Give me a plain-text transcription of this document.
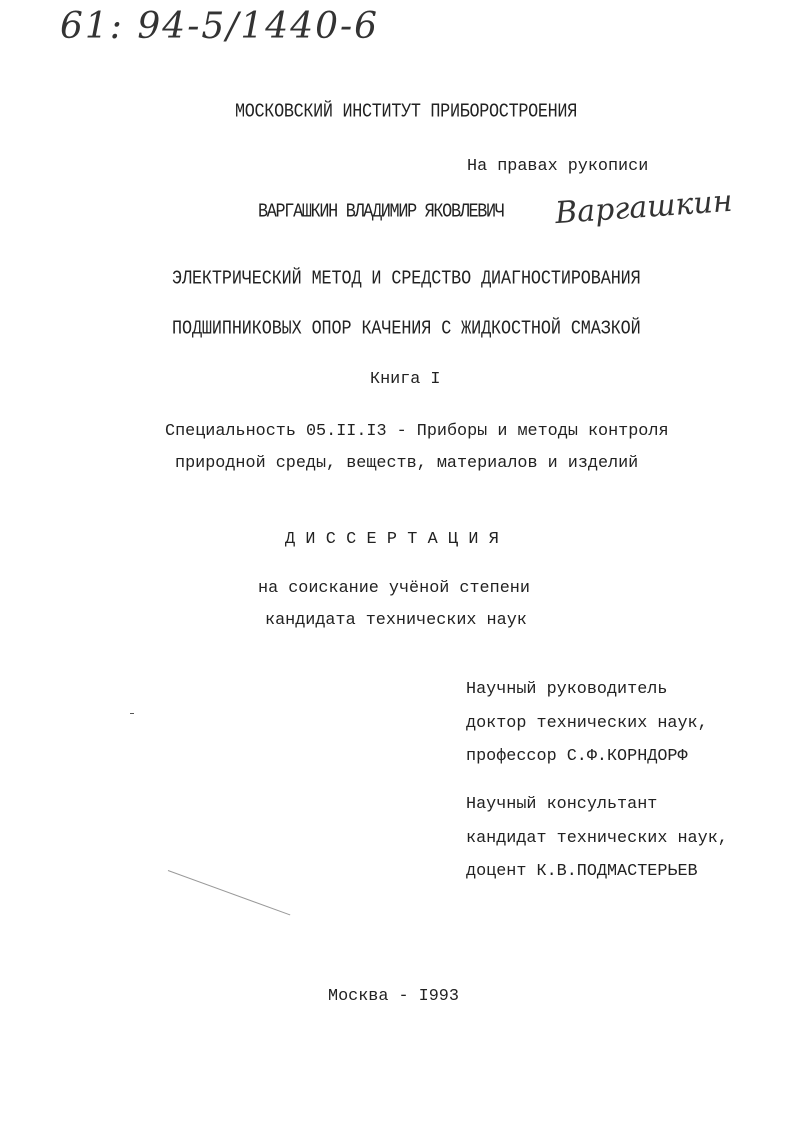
61: 94-5/1440-6
МОСКОВСКИЙ ИНСТИТУТ ПРИБОРОСТРОЕНИЯ
На правах рукописи
ВАРГАШКИН ВЛАДИМИР ЯКОВЛЕВИЧ Варгашкин
ЭЛЕКТРИЧЕСКИЙ МЕТОД И СРЕДСТВО ДИАГНОСТИРОВАНИЯ
ПОДШИПНИКОВЫХ ОПОР КАЧЕНИЯ С ЖИДКОСТНОЙ СМАЗКОЙ
Книга I
Специальность 05.II.I3 - Приборы и методы контроля
природной среды, веществ, материалов и изделий
ДИССЕРТАЦИЯ
на соискание учёной степени
кандидата технических наук
Научный руководитель
доктор технических наук,
профессор С.Ф.КОРНДОРФ
Научный консультант
кандидат технических наук,
доцент К.В.ПОДМАСТЕРЬЕВ
Москва - I993
